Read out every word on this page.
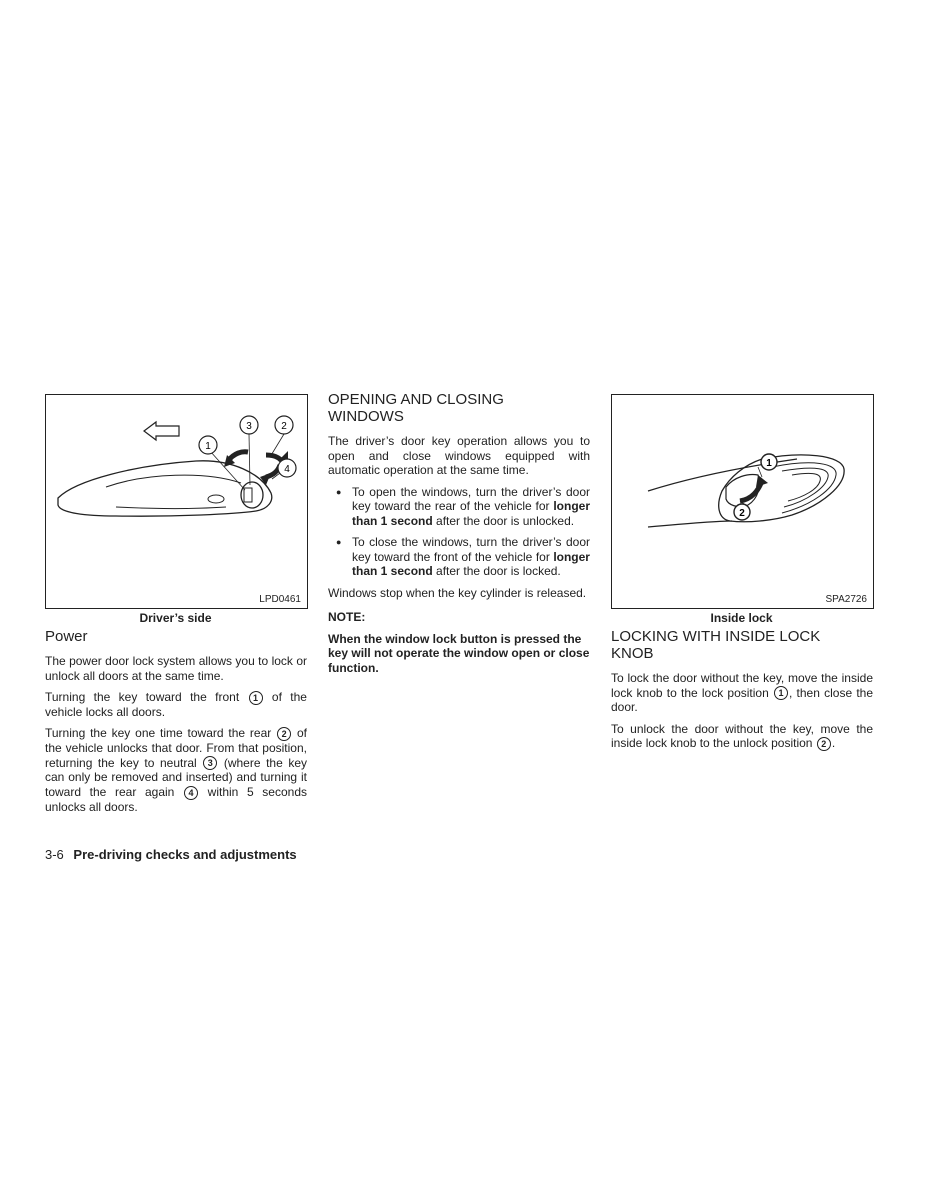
1
3	2
4
LPD0461
Driver’s side
Power

The power door lock system allows you to lock or unlock all doors at the same time.

Turning the key toward the front 1 of the vehicle locks all doors.

Turning the key one time toward the rear 2 of the vehicle unlocks that door. From that position, returning the key to neutral 3 (where the key can only be removed and inserted) and turning it toward the rear again 4 within 5 seconds unlocks all doors.

OPENING AND CLOSING WINDOWS

The driver’s door key operation allows you to open and close windows equipped with automatic operation at the same time.

● To open the windows, turn the driver’s door key toward the rear of the vehicle for longer than 1 second after the door is unlocked.
● To close the windows, turn the driver’s door key toward the front of the vehicle for longer than 1 second after the door is locked.

Windows stop when the key cylinder is released.

NOTE:

When the window lock button is pressed the key will not operate the window open or close function.

1
2
SPA2726
Inside lock
LOCKING WITH INSIDE LOCK KNOB

To lock the door without the key, move the inside lock knob to the lock position 1 , then close the door.

To unlock the door without the key, move the inside lock knob to the unlock position 2 .

3-6 Pre-driving checks and adjustments
